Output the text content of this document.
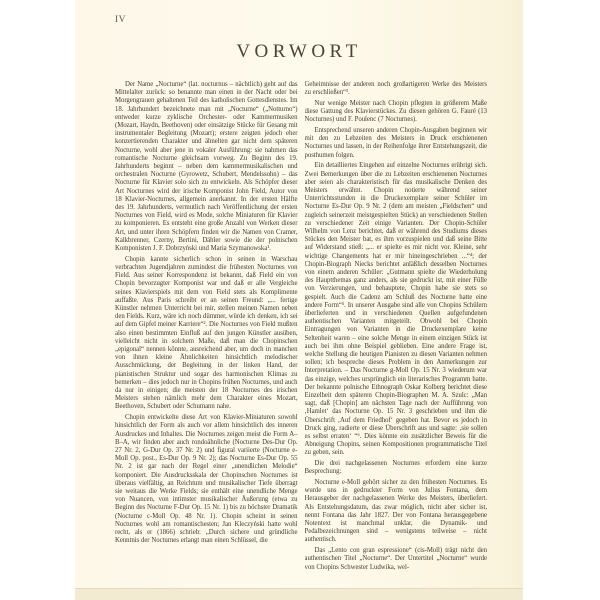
IV
VORWORT

Der Name „Nocturne“ (lat. nocturnus – nächtlich) geht auf das Mittelalter zurück: so benannte man einen in der Nacht oder bei Morgengrauen gehaltenen Teil des katholischen Gottesdienstes. Im 18. Jahrhundert bezeichnete man mit „Nocturne“ („Notturno“) entweder kurze zyklische Orchester- oder Kammermusiken (Mozart, Haydn, Beethoven) oder einsätzige Stücke für Gesang mit instrumentaler Begleitung (Mozart); erstere zeigten jedoch eher konzertierenden Charakter und ähnelten gar nicht dem späteren Nocturne, wohl aber jene in vokaler Ausführung: sie nahmen das romantische Nocturne gleichsam vorweg. Zu Beginn des 19. Jahrhunderts beginnt – neben dem kammermusikalischen und orchestralen Nocturne (Gyrowetz, Schubert, Mendelssohn) – das Nocturne für Klavier solo sich zu entwickeln. Als Schöpfer dieser Art Nocturnes wird der irische Komponist John Field, Autor von 18 Klavier-Nocturnes, allgemein anerkannt. In der ersten Hälfte des 19. Jahrhunderts, vermutlich nach Veröffentlichung der ersten Nocturnes von Field, wird es Mode, solche Miniaturen für Klavier zu komponieren. Es entsteht eine große Anzahl von Werken dieser Art, und unter ihren Schöpfern finden wir die Namen von Cramer, Kalkbrenner, Czerny, Bertini, Dähler sowie die der polnischen Komponisten J. F. Dobrzyński und Maria Szymanowska¹.

Chopin kannte sicherlich schon in seinen in Warschau verbrachten Jugendjahren zumindest die frühesten Nocturnes von Field. Aus seiner Korrespondenz ist bekannt, daß Field ein von Chopin bevorzugter Komponist war und daß er alle Vergleiche seines Klavierspiels mit dem von Field stets als Komplimente auffaßte. Aus Paris schreibt er an seinen Freund: „... fertige Künstler nehmen Unterricht bei mir, stellen meinen Namen neben den Fields. Kurz, wäre ich noch dümmer, würde ich denken, ich sei auf dem Gipfel meiner Karriere“². Die Nocturnes von Field mußten also einen bestimmten Einfluß auf den jungen Künstler ausüben, vielleicht nicht in solchem Maße, daß man die Chopinschen „epigonal“ nennen könnte, ausreichend aber, um doch in manchen von ihnen kleine Ähnlichkeiten hinsichtlich melodischer Ausschmückung, der Begleitung in der linken Hand, der pianistischen Struktur und sogar des harmonischen Klimas zu bemerken – dies jedoch nur in Chopins frühen Nocturnes, und auch da nur in einigen; die meisten der 18 Nocturnes des irischen Meisters stehen nämlich mehr dem Charakter eines Mozart, Beethoven, Schubert oder Schumann nahe.

Chopin entwickelte diese Art von Klavier-Miniaturen sowohl hinsichtlich der Form als auch vor allem hinsichtlich des inneren Ausdruckes und Inhaltes. Die Nocturnes zeigen meist die Form A–B–A, wir finden aber auch rondoähnliche (Nocturne Des-Dur Op. 27 Nr. 2, G-Dur Op. 37 Nr. 2) und figural variierte (Nocturne e-Moll Op. post., Es-Dur Op. 9 Nr. 2); das Nocturne Es-Dur Op. 55 Nr. 2 ist gar nach der Regel einer „unendlichen Melodie“ komponiert. Die Ausdrucksskala der Chopinschen Nocturnes ist überaus vielfältig, an Reichtum und musikalischer Tiefe überragt sie weitaus die Werke Fields; sie enthält eine unendliche Menge von Nuancen, von intimster musikalischer Äußerung (etwa zu Beginn des Nocturne F-Dur Op. 15 Nr. 1) bis zu höchster Dramatik (Nocturne c-Moll Op. 48 Nr. 1). Chopin scheint in seinen Nocturnes wohl am romantischesten; Jan Kleczyński hatte wohl recht, als er (1866) schrieb: „Durch sichere und gründliche Kenntnis der Nocturnes erlangt man einen Schlüssel, die

Geheimnisse der anderen noch großartigeren Werke des Meisters zu erschließen“³.

Nur wenige Meister nach Chopin pflegten in größerem Maße diese Gattung des Klavierstückes. Zu diesen gehören G. Fauré (13 Nocturnes) und F. Poulenc (7 Nocturnes).

Entsprechend unseren anderen Chopin-Ausgaben beginnen wir mit den zu Lebzeiten des Meisters in Druck erschienenen Nocturnes und lassen, in der Reihenfolge ihrer Entstehungszeit, die posthumen folgen.

Ein detailliertes Eingehen auf einzelne Nocturnes erübrigt sich. Zwei Bemerkungen über die zu Lebzeiten erschienenen Nocturnes aber seien als charakteristisch für das musikalische Denken des Meisters erwähnt. Chopin notierte während seiner Unterrichtsstunden in die Druckexemplare seiner Schüler im Nocturne Es-Dur Op. 9 Nr. 2 (dem am meisten „Fieldschen“ und zugleich seinerzeit meistgespielten Stück) an verschiedenen Stellen zu verschiedener Zeit einige Varianten. Der Chopin-Schüler Wilhelm von Lenz berichtet, daß er während des Studiums dieses Stückes den Meister bat, es ihm vorzuspielen und daß seine Bitte auf Widerstand stieß: „... er spielte es mir nicht vor. Kleine, sehr wichtige Changements hat er mir hineingeschrieben ...“⁴; der Chopin-Biograph Niecks berichtet anläßlich desselben Nocturnes von einem anderen Schüler: „Gutmann spielte die Wiederholung des Hauptthemas ganz anders, als sie gedruckt ist, mit einer Fülle von Verzierungen, und behauptete, Chopin habe sie stets so gespielt. Auch die Cadenz am Schluß des Nocturne hatte eine andere Form“⁵. In unserer Ausgabe sind alle von Chopins Schülern überlieferten und in verschiedenen Quellen aufgefundenen authentischen Varianten mitgeteilt. Obwohl bei Chopin Eintragungen von Varianten in die Druckexemplare keine Seltenheit waren – eine solche Menge in einem einzigen Stück ist auch bei ihm ohne Beispiel geblieben. Eine andere Frage ist, welche Stellung die heutigen Pianisten zu diesen Varianten nehmen sollen; ich bespreche dieses Problem in den Anmerkungen zur Interpretation. – Das Nocturne g-Moll Op. 15 Nr. 3 wiederum war das einzige, welches ursprünglich ein literarisches Programm hatte. Der bekannte polnische Ethnograph Oskar Kolberg berichtet diese Einzelheit dem späteren Chopin-Biographen M. A. Szulc: „Man sagt, daß [Chopin] am nächsten Tage nach der Aufführung von ‚Hamlet‘ das Nocturne Op. 15 Nr. 3 geschrieben und ihm die Überschrift ‚Auf dem Friedhof‘ gegeben hat. Bevor es jedoch in Druck ging, radierte er diese Überschrift aus und sagte: ‚sie sollen es selbst erraten‘ “⁶. Dies könnte ein zusätzlicher Beweis für die Abneigung Chopins, seinen Kompositionen programmatische Titel zu geben, sein.

Die drei nachgelassenen Nocturnes erfordern eine kurze Besprechung:

Nocturne e-Moll gehört sicher zu den frühesten Nocturnes. Es wurde uns in gedruckter Form von Julius Fontana, dem Herausgeber der nachgelassenen Werke des Meisters, überliefert. Als Entstehungsdatum, das zwar möglich, nicht aber sicher ist, nennt Fontana das Jahr 1827. Der von Fontana herausgegebene Notentext ist manchmal unklar, die Dynamik- und Pedalbezeichnungen sind – wenigstens teilweise – nicht authentisch.

Das „Lento con gran espressione“ (cis-Moll) trägt nicht den authentischen Titel „Nocturne“. Der Untertitel „Nocturne“ wurde von Chopins Schwester Ludwika, wel-
